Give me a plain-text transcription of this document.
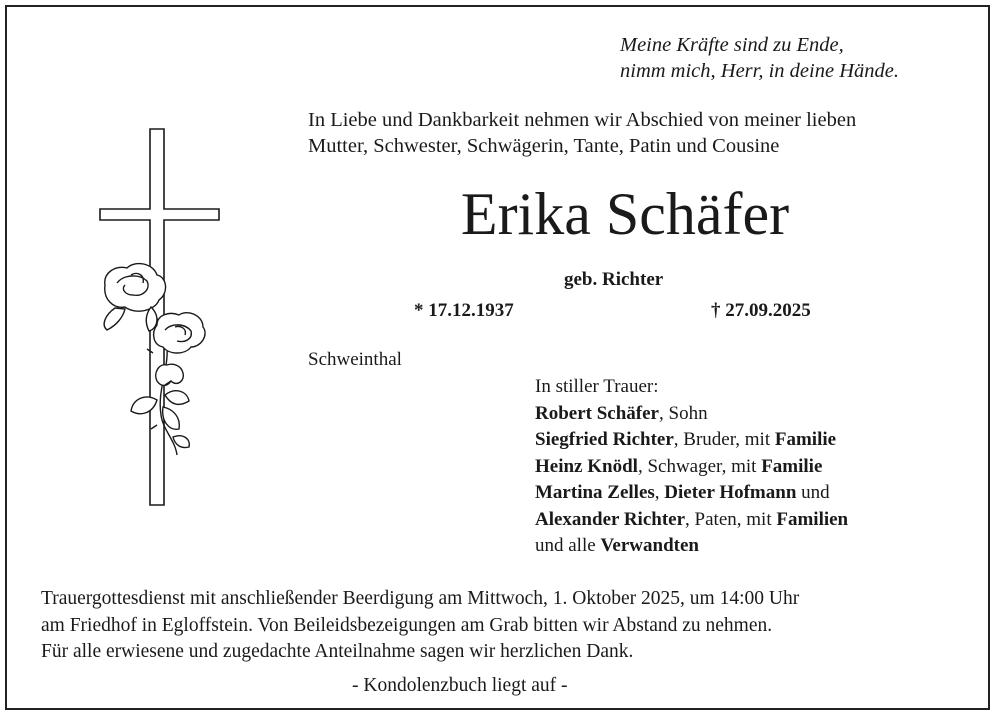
Meine Kräfte sind zu Ende,
nimm mich, Herr, in deine Hände.
In Liebe und Dankbarkeit nehmen wir Abschied von meiner lieben
Mutter, Schwester, Schwägerin, Tante, Patin und Cousine
Erika Schäfer
geb. Richter
* 17.12.1937	† 27.09.2025
Schweinthal
In stiller Trauer:
Robert Schäfer, Sohn
Siegfried Richter, Bruder, mit Familie
Heinz Knödl, Schwager, mit Familie
Martina Zelles, Dieter Hofmann und
Alexander Richter, Paten, mit Familien
und alle Verwandten
Trauergottesdienst mit anschließender Beerdigung am Mittwoch, 1. Oktober 2025, um 14:00 Uhr
am Friedhof in Egloffstein. Von Beileidsbezeigungen am Grab bitten wir Abstand zu nehmen.
Für alle erwiesene und zugedachte Anteilnahme sagen wir herzlichen Dank.
- Kondolenzbuch liegt auf -
